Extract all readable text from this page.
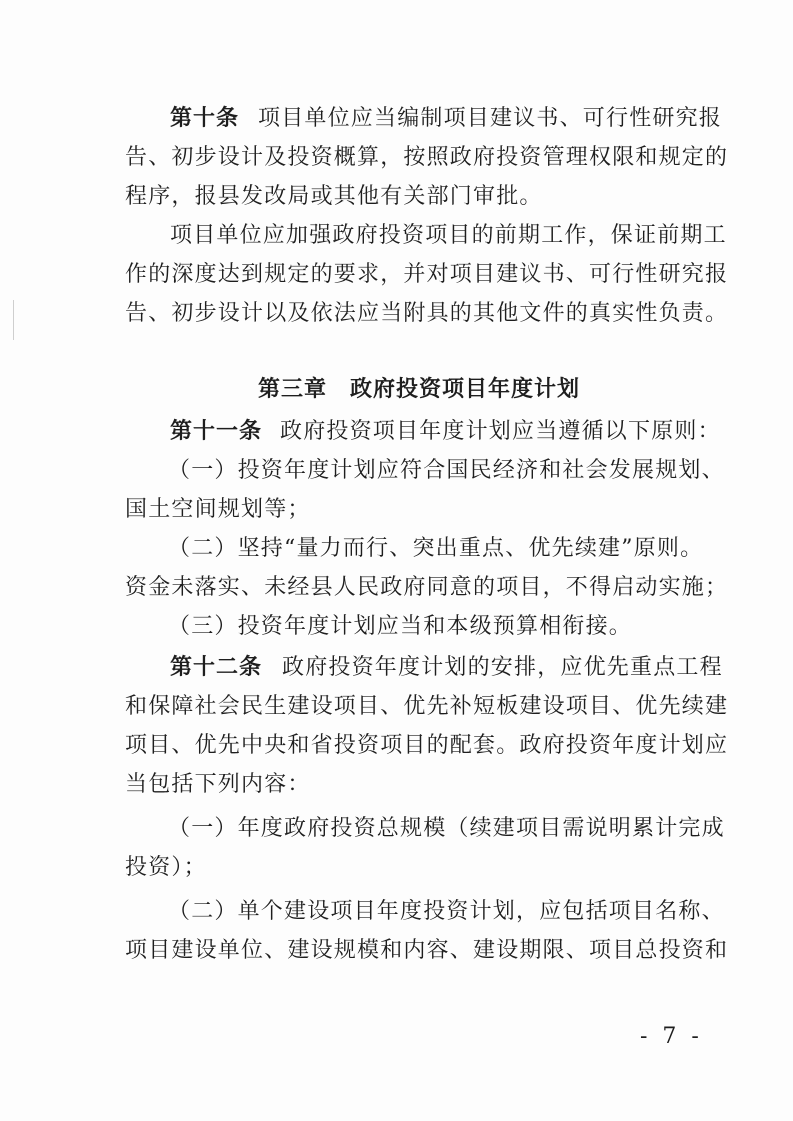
第十条 项目单位应当编制项目建议书、可行性研究报
告、初步设计及投资概算，按照政府投资管理权限和规定的
程序，报县发改局或其他有关部门审批。
项目单位应加强政府投资项目的前期工作，保证前期工
作的深度达到规定的要求，并对项目建议书、可行性研究报
告、初步设计以及依法应当附具的其他文件的真实性负责。
第三章　政府投资项目年度计划
第十一条 政府投资项目年度计划应当遵循以下原则：
（一）投资年度计划应符合国民经济和社会发展规划、
国土空间规划等；
（二）坚持“量力而行、突出重点、优先续建”原则。
资金未落实、未经县人民政府同意的项目，不得启动实施；
（三）投资年度计划应当和本级预算相衔接。
第十二条 政府投资年度计划的安排，应优先重点工程
和保障社会民生建设项目、优先补短板建设项目、优先续建
项目、优先中央和省投资项目的配套。政府投资年度计划应
当包括下列内容：
（一）年度政府投资总规模（续建项目需说明累计完成
投资）；
（二）单个建设项目年度投资计划，应包括项目名称、
项目建设单位、建设规模和内容、建设期限、项目总投资和
- 7 -
